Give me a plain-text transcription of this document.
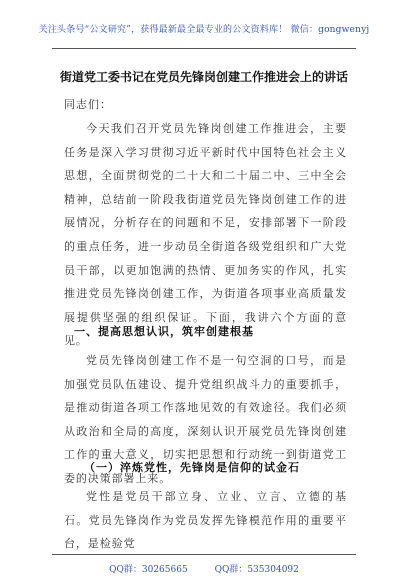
关注头条号“公文研究”，获得最新最全最专业的公文资料库！ 微信：gongwenyj
街道党工委书记在党员先锋岗创建工作推进会上的讲话
同志们：

今天我们召开党员先锋岗创建工作推进会，主要任务是深入学习贯彻习近平新时代中国特色社会主义思想，全面贯彻党的二十大和二十届二中、三中全会精神，总结前一阶段我街道党员先锋岗创建工作的进展情况，分析存在的问题和不足，安排部署下一阶段的重点任务，进一步动员全街道各级党组织和广大党员干部，以更加饱满的热情、更加务实的作风，扎实推进党员先锋岗创建工作，为街道各项事业高质量发展提供坚强的组织保证。下面，我讲六个方面的意见。

一、提高思想认识，筑牢创建根基

党员先锋岗创建工作不是一句空洞的口号，而是加强党员队伍建设、提升党组织战斗力的重要抓手，是推动街道各项工作落地见效的有效途径。我们必须从政治和全局的高度，深刻认识开展党员先锋岗创建工作的重大意义，切实把思想和行动统一到街道党工委的决策部署上来。

（一）淬炼党性，先锋岗是信仰的试金石

党性是党员干部立身、立业、立言、立德的基石。党员先锋岗作为党员发挥先锋模范作用的重要平台，是检验党

QQ群：30265665	QQ群：535304092
